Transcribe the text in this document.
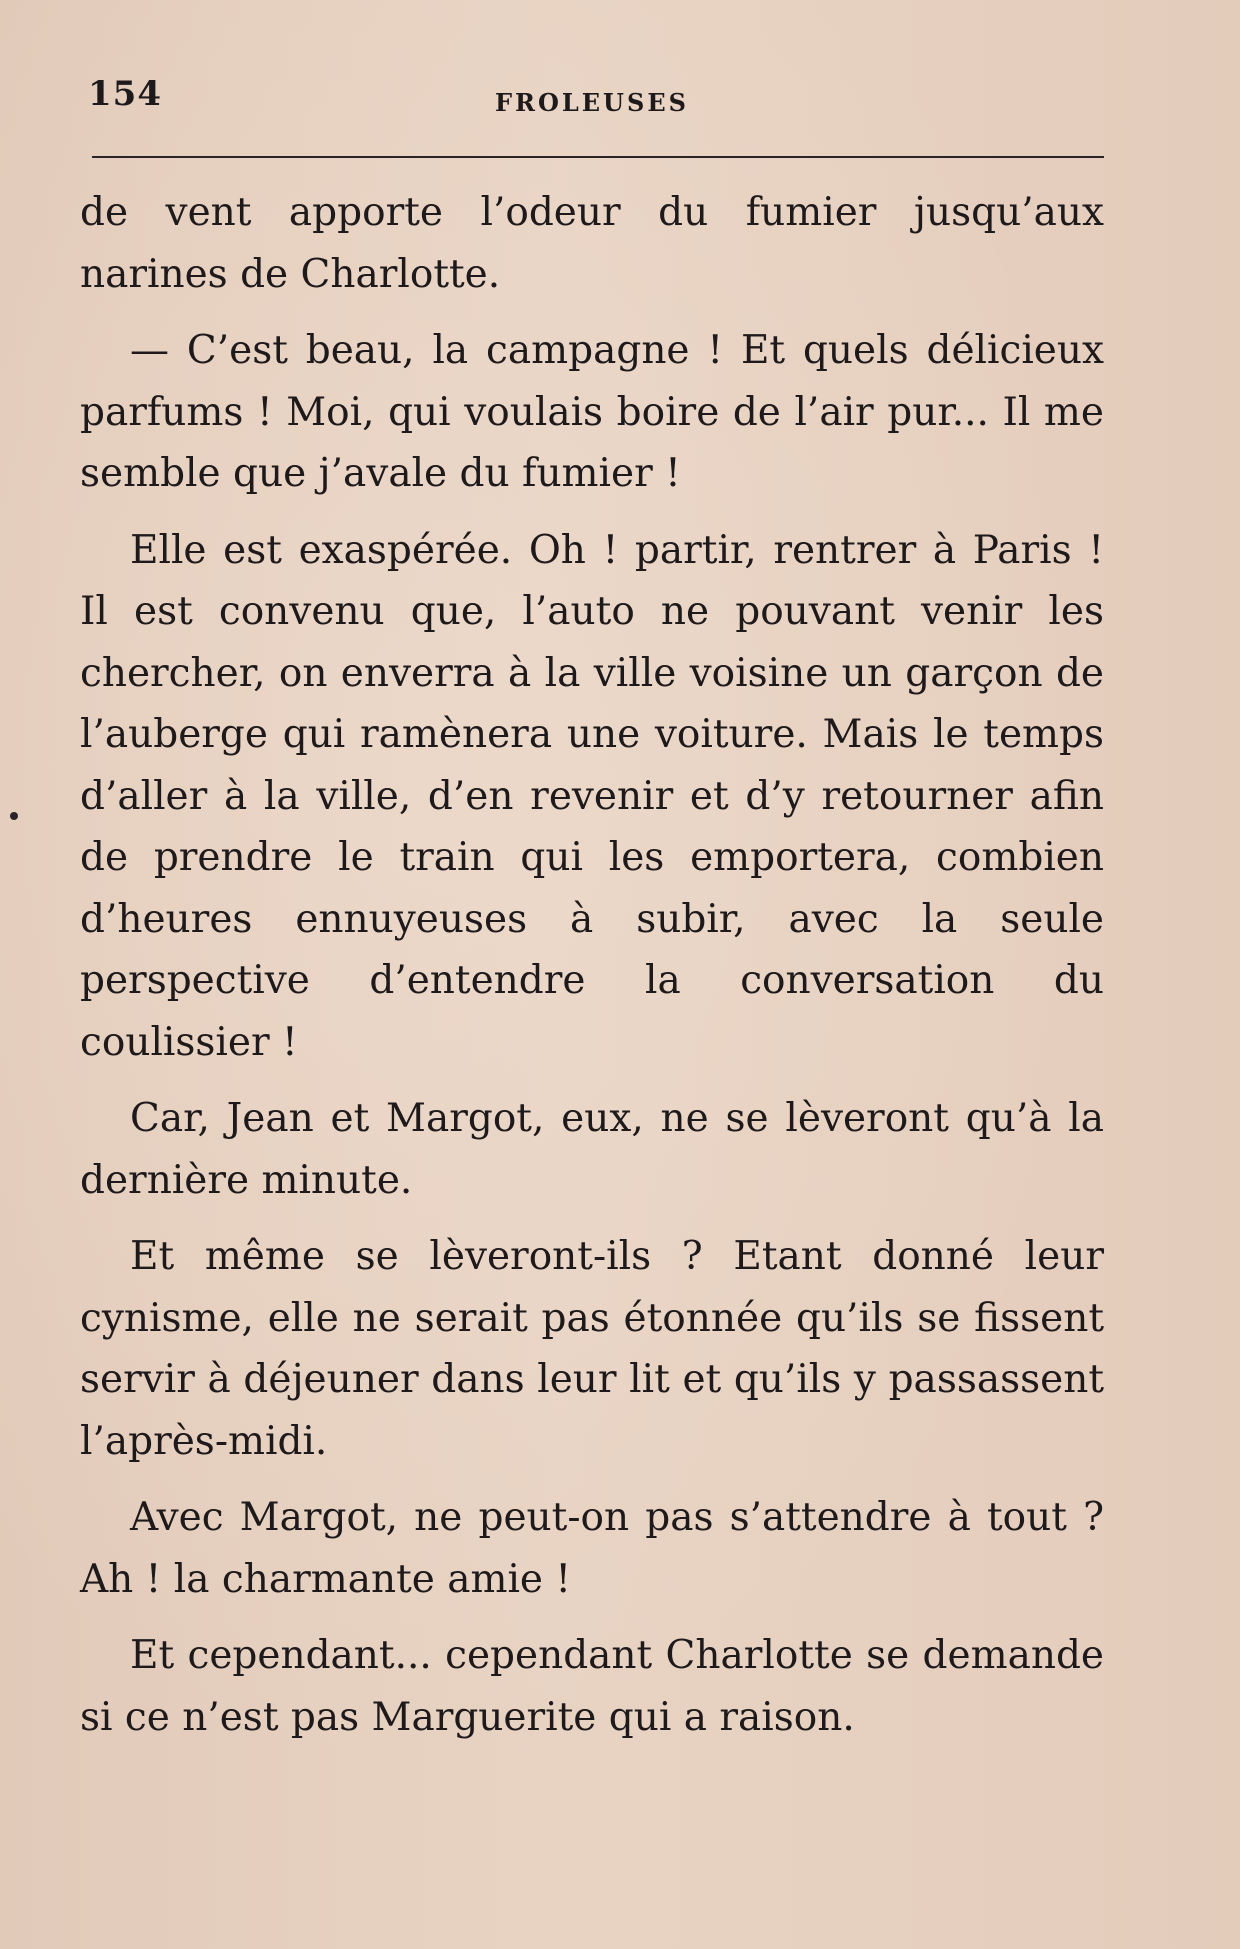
154	FROLEUSES

de vent apporte l’odeur du fumier jusqu’aux narines de Charlotte.

— C’est beau, la campagne ! Et quels délicieux parfums ! Moi, qui voulais boire de l’air pur... Il me semble que j’avale du fumier !

Elle est exaspérée. Oh ! partir, rentrer à Paris ! Il est convenu que, l’auto ne pouvant venir les chercher, on enverra à la ville voisine un garçon de l’auberge qui ramènera une voiture. Mais le temps d’aller à la ville, d’en revenir et d’y retourner afin de prendre le train qui les emportera, combien d’heures ennuyeuses à subir, avec la seule perspective d’entendre la conversation du coulissier !

Car, Jean et Margot, eux, ne se lèveront qu’à la dernière minute.

Et même se lèveront-ils ? Etant donné leur cynisme, elle ne serait pas étonnée qu’ils se fissent servir à déjeuner dans leur lit et qu’ils y passassent l’après-midi.

Avec Margot, ne peut-on pas s’attendre à tout ? Ah ! la charmante amie !

Et cependant... cependant Charlotte se demande si ce n’est pas Marguerite qui a raison.
